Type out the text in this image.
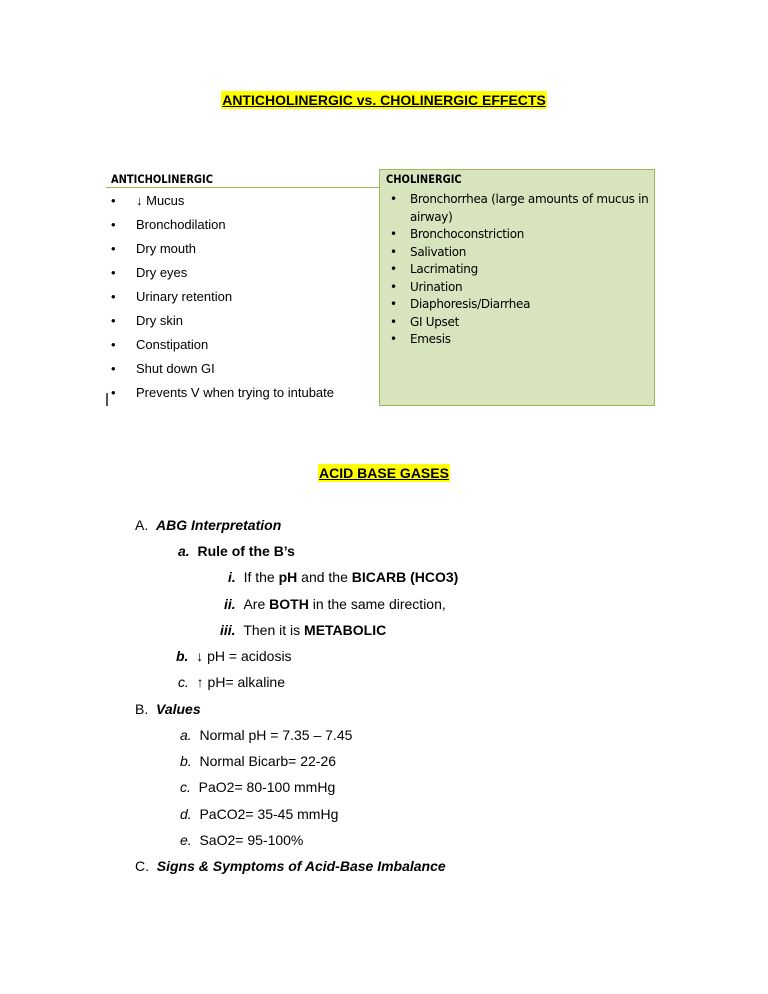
ANTICHOLINERGIC vs. CHOLINERGIC EFFECTS
ANTICHOLINERGIC
• ↓ Mucus
• Bronchodilation
• Dry mouth
• Dry eyes
• Urinary retention
• Dry skin
• Constipation
• Shut down GI
• Prevents V when trying to intubate
CHOLINERGIC
• Bronchorrhea (large amounts of mucus in airway)
• Bronchoconstriction
• Salivation
• Lacrimating
• Urination
• Diaphoresis/Diarrhea
• GI Upset
• Emesis
ACID BASE GASES
A. ABG Interpretation
a. Rule of the B’s
i. If the pH and the BICARB (HCO3)
ii. Are BOTH in the same direction,
iii. Then it is METABOLIC
b. ↓ pH = acidosis
c. ↑ pH= alkaline
B. Values
a. Normal pH = 7.35 – 7.45
b. Normal Bicarb= 22-26
c. PaO2= 80-100 mmHg
d. PaCO2= 35-45 mmHg
e. SaO2= 95-100%
C. Signs & Symptoms of Acid-Base Imbalance
